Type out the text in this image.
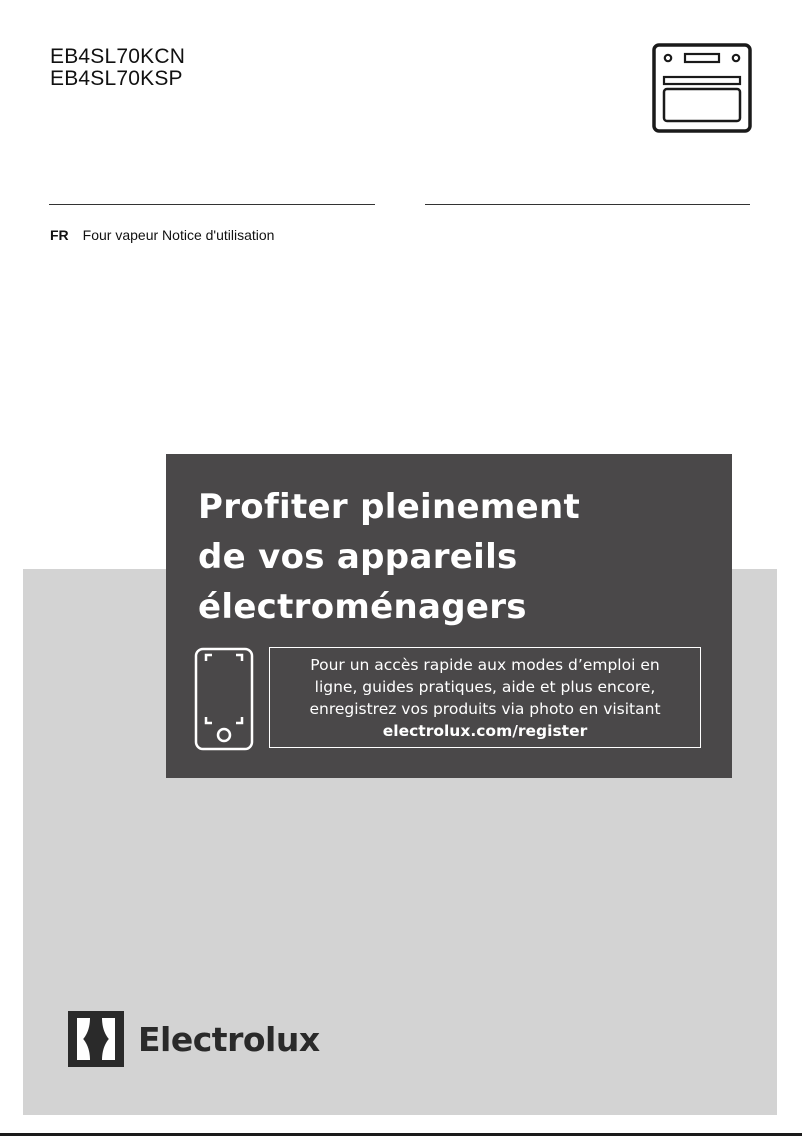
EB4SL70KCN
EB4SL70KSP
FR Four vapeur Notice d'utilisation
Profiter pleinement
de vos appareils
électroménagers
Pour un accès rapide aux modes d’emploi en
ligne, guides pratiques, aide et plus encore,
enregistrez vos produits via photo en visitant
electrolux.com/register
Electrolux
